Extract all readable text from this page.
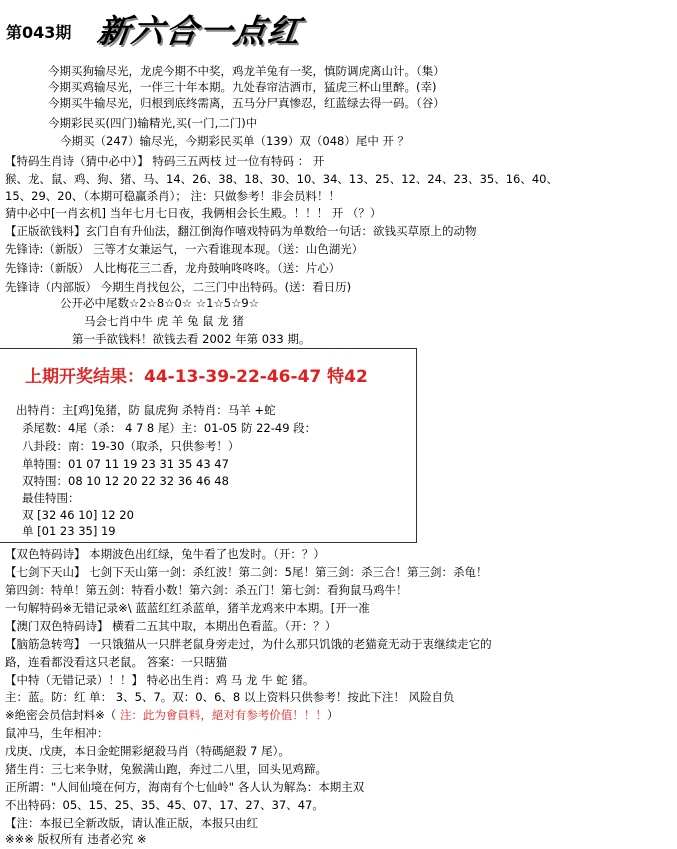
第043期 新六合一点红
今期买狗输尽光，龙虎今期不中奖，鸡龙羊兔有一奖，慎防调虎离山计。（集）
今期买鸡输尽光，一伴三十年本期。九处春帘洁酒市，猛虎三杯山里醉。(幸)
今期买牛输尽光，归根到底终需离，五马分尸真惨忍，红蓝绿去得一码。（谷）
今期彩民买(四门)输精光,买(一门,二门)中
今期买（247）输尽光，今期彩民买单（139）双（048）尾中 开 ？
【特码生肖诗（猜中必中）】 特码三五两枝 过一位有特码 ： 开
猴、龙、鼠、鸡、狗、猪、马、14、26、38、18、30、10、34、13、25、12、24、23、35、16、40、
15、29、20、（本期可稳赢杀肖）； 注：只做参考！非会员料！！
猜中必中[一肖玄机] 当年七月七日夜，我俩相会长生殿。！！！ 开 （？）
【正版欲钱料】玄门自有升仙法，翻江倒海作嘻戏特码为单数给一句话：欲钱买草原上的动物
先锋诗:（新版） 三等才女兼运气，一六看谁现本现。（送：山色湖光）
先锋诗:（新版） 人比梅花三二香，龙舟鼓响咚咚咚。（送：片心）
先锋诗（内部版） 今期生肖找包公，二三门中出特码。(送：看日历)
公开必中尾数☆2☆8☆0☆ ☆1☆5☆9☆
马会七肖中牛 虎 羊 兔 鼠 龙 猪
第一手欲钱料！欲钱去看 2002 年第 033 期。
上期开奖结果：44-13-39-22-46-47 特42
出特肖：主[鸡]兔猪，防 鼠虎狗 杀特肖：马羊 +蛇
杀尾数：4尾（杀： 4 7 8 尾）主：01-05 防 22-49 段：
八卦段：南：19-30（取杀，只供参考！）
单特围：01 07 11 19 23 31 35 43 47
双特围：08 10 12 20 22 32 36 46 48
最佳特围：
双 [32 46 10] 12 20
单 [01 23 35] 19
【双色特码诗】 本期波色出红绿，兔牛看了也发时。（开：？）
【七剑下天山】 七剑下天山第一剑：杀红波！第二剑：5尾！第三剑：杀三合！第三剑：杀龟！
第四剑：特单！第五剑：特看小数！第六剑：杀五门！第七剑：看狗鼠马鸡牛！
一句解特码※无错记录※\ 蓝蓝红红杀蓝单，猪羊龙鸡来中本期。[开一准
【澳门双色特码诗】 横看二五其中取，本期出色看蓝。（开：？）
【脑筋急转弯】 一只饿猫从一只胖老鼠身旁走过，为什么那只饥饿的老猫竟无动于衷继续走它的
路，连看都没看这只老鼠。 答案：一只瞎猫
【中特（无错记录）！！】 特必出生肖：鸡 马 龙 牛 蛇 猪。
主：蓝。防：红 单： 3、5、7。双：0、6、8 以上资料只供参考！按此下注！ 风险自负
※绝密会员信封料※（ 注：此为會員料，絕对有参考价值！！！）
鼠冲马，生年相冲：
戊庚、戊庚，本日金蛇開彩絕殺马肖（特碼絕殺 7 尾）。
猪生肖：三七来争财，兔猴满山跑，奔过二八里，回头见鸡蹄。
正所謂："人间仙境在何方，海南有个七仙岭" 各人认为解為：本期主双
不出特码：05、15、25、35、45、07、17、27、37、47。
【注：本报已全新改版，请认准正版，本报只由红
※※※ 版权所有 违者必究 ※
